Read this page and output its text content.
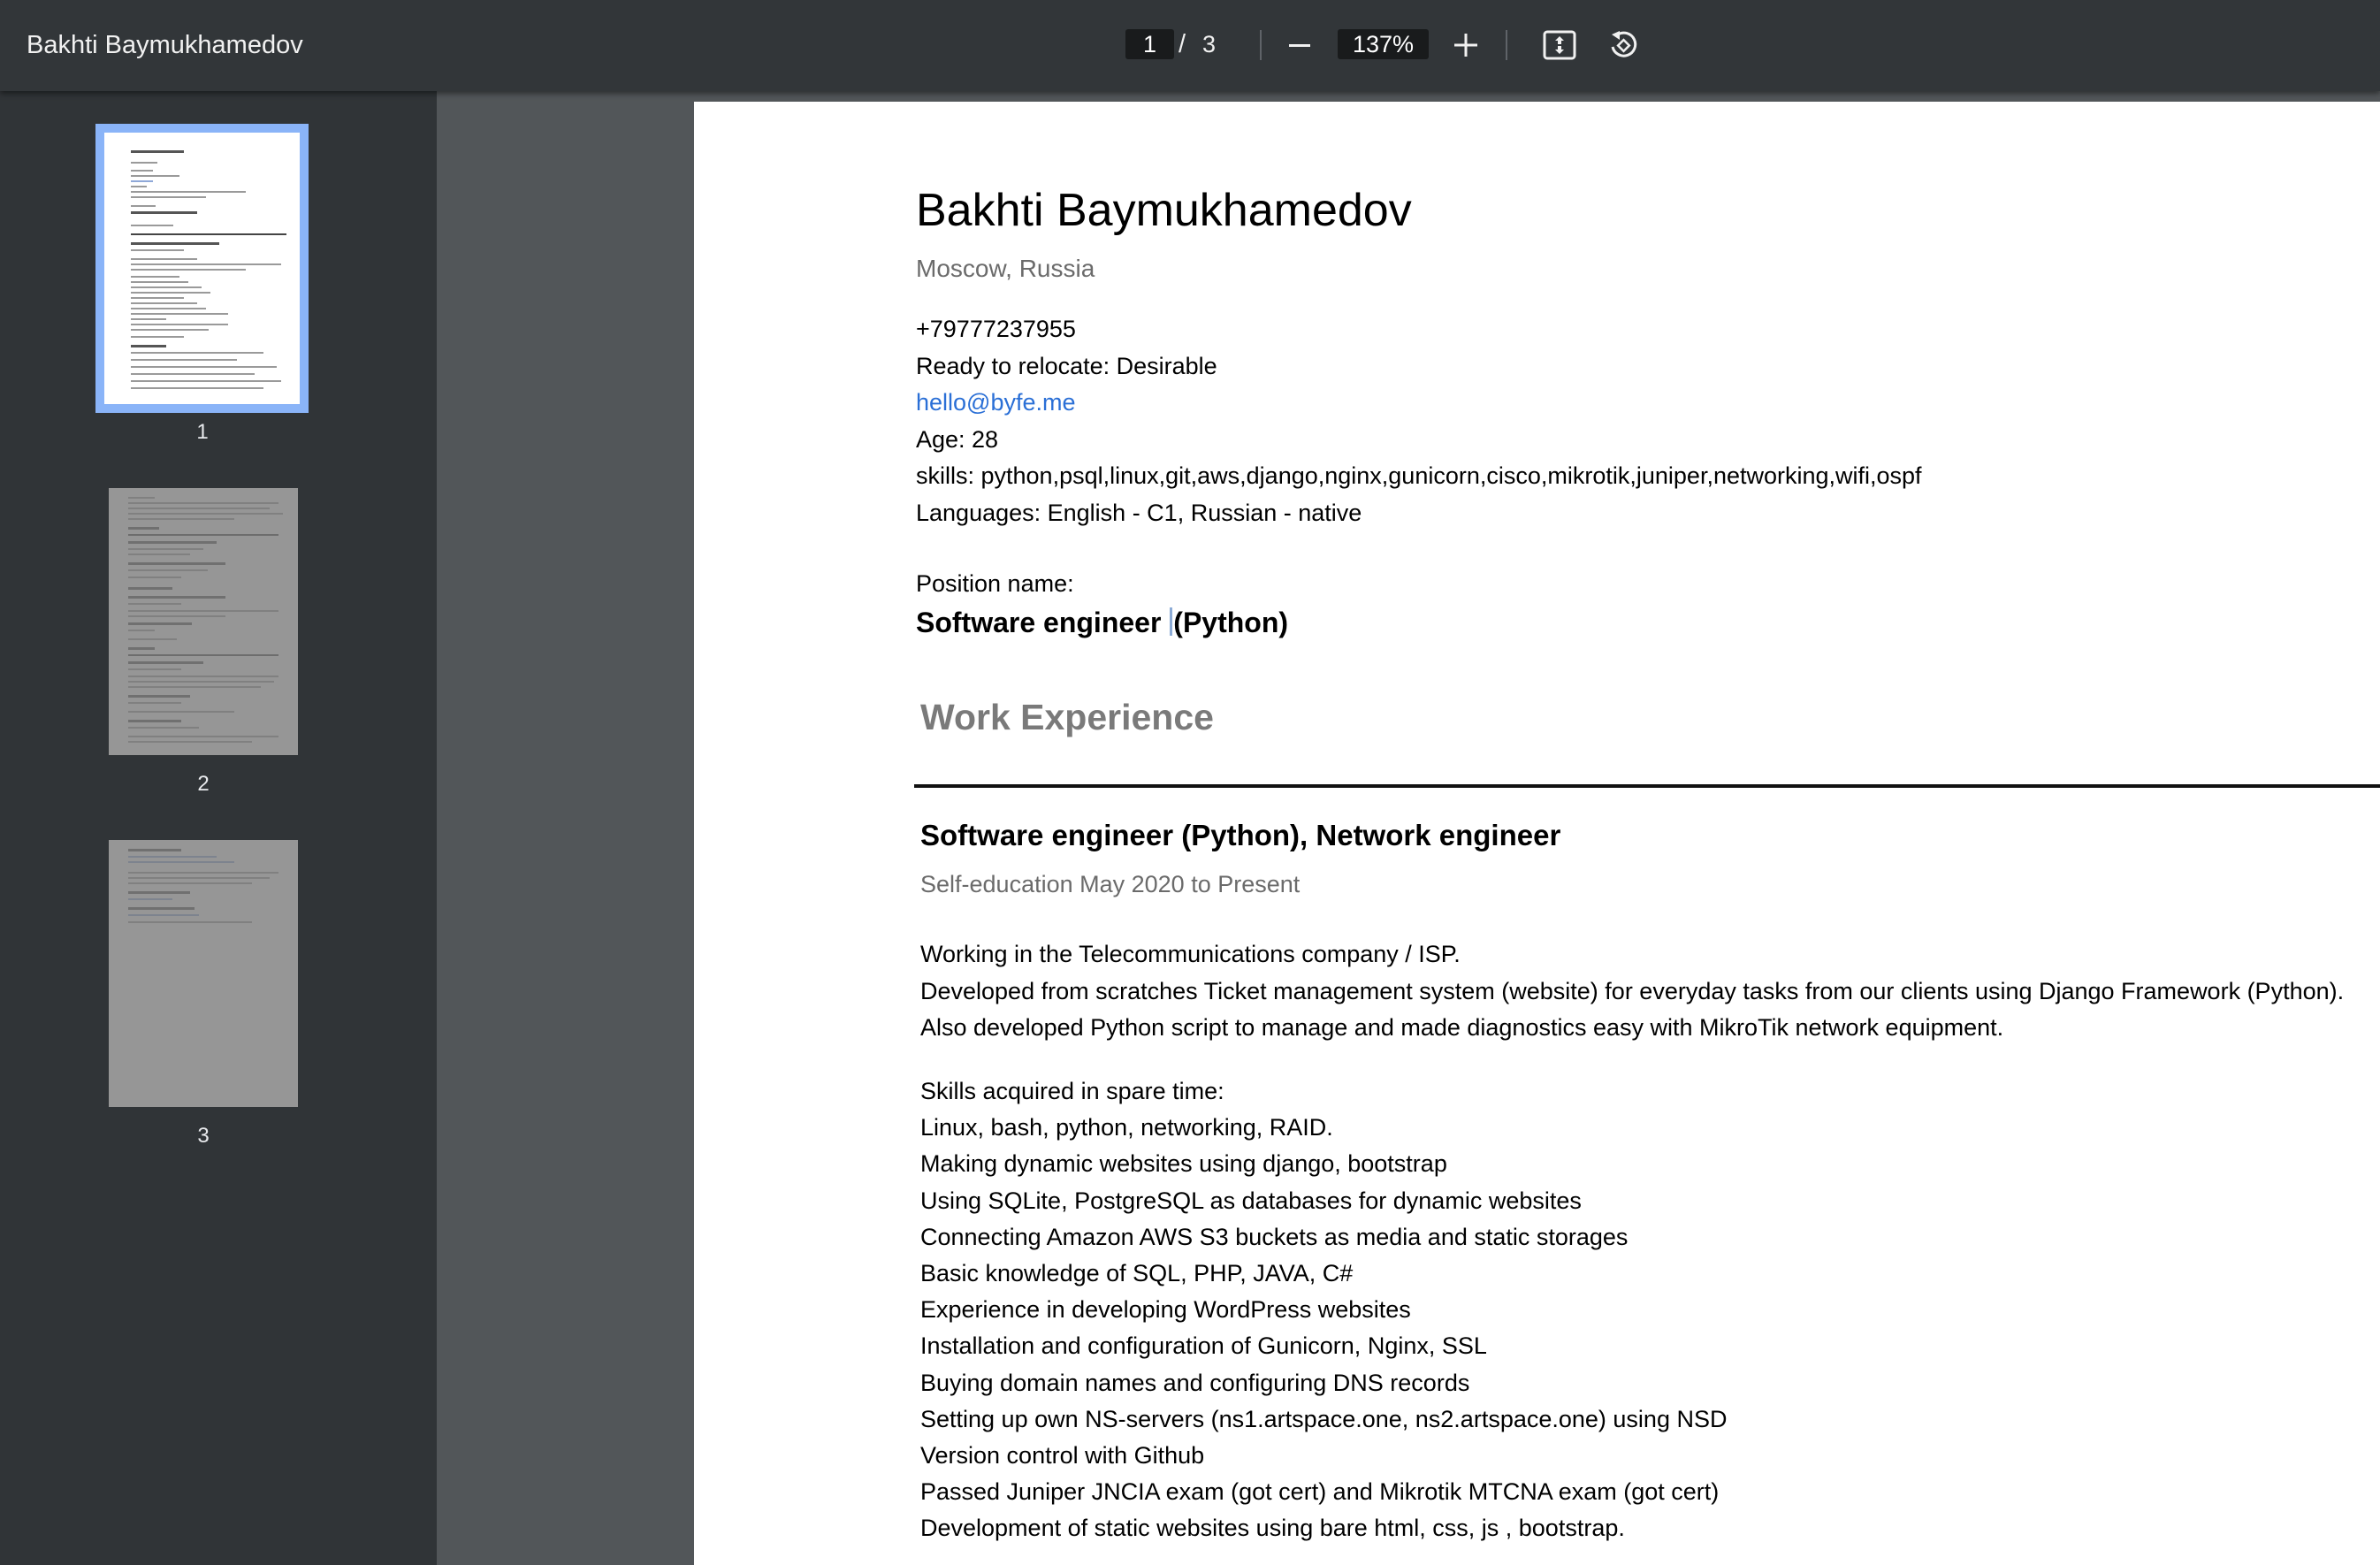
Bakhti Baymukhamedov	1 / 3	137%
1
2
3
Bakhti Baymukhamedov
Moscow, Russia
+79777237955
Ready to relocate: Desirable
hello@byfe.me
Age: 28
skills: python,psql,linux,git,aws,django,nginx,gunicorn,cisco,mikrotik,juniper,networking,wifi,ospf
Languages: English - C1, Russian - native
Position name:
Software engineer (Python)
Work Experience
Software engineer (Python), Network engineer
Self-education May 2020 to Present
Working in the Telecommunications company / ISP.
Developed from scratches Ticket management system (website) for everyday tasks from our clients using Django Framework (Python).
Also developed Python script to manage and made diagnostics easy with MikroTik network equipment.
Skills acquired in spare time:
Linux, bash, python, networking, RAID.
Making dynamic websites using django, bootstrap
Using SQLite, PostgreSQL as databases for dynamic websites
Connecting Amazon AWS S3 buckets as media and static storages
Basic knowledge of SQL, PHP, JAVA, C#
Experience in developing WordPress websites
Installation and configuration of Gunicorn, Nginx, SSL
Buying domain names and configuring DNS records
Setting up own NS-servers (ns1.artspace.one, ns2.artspace.one) using NSD
Version control with Github
Passed Juniper JNCIA exam (got cert) and Mikrotik MTCNA exam (got cert)
Development of static websites using bare html, css, js , bootstrap.
